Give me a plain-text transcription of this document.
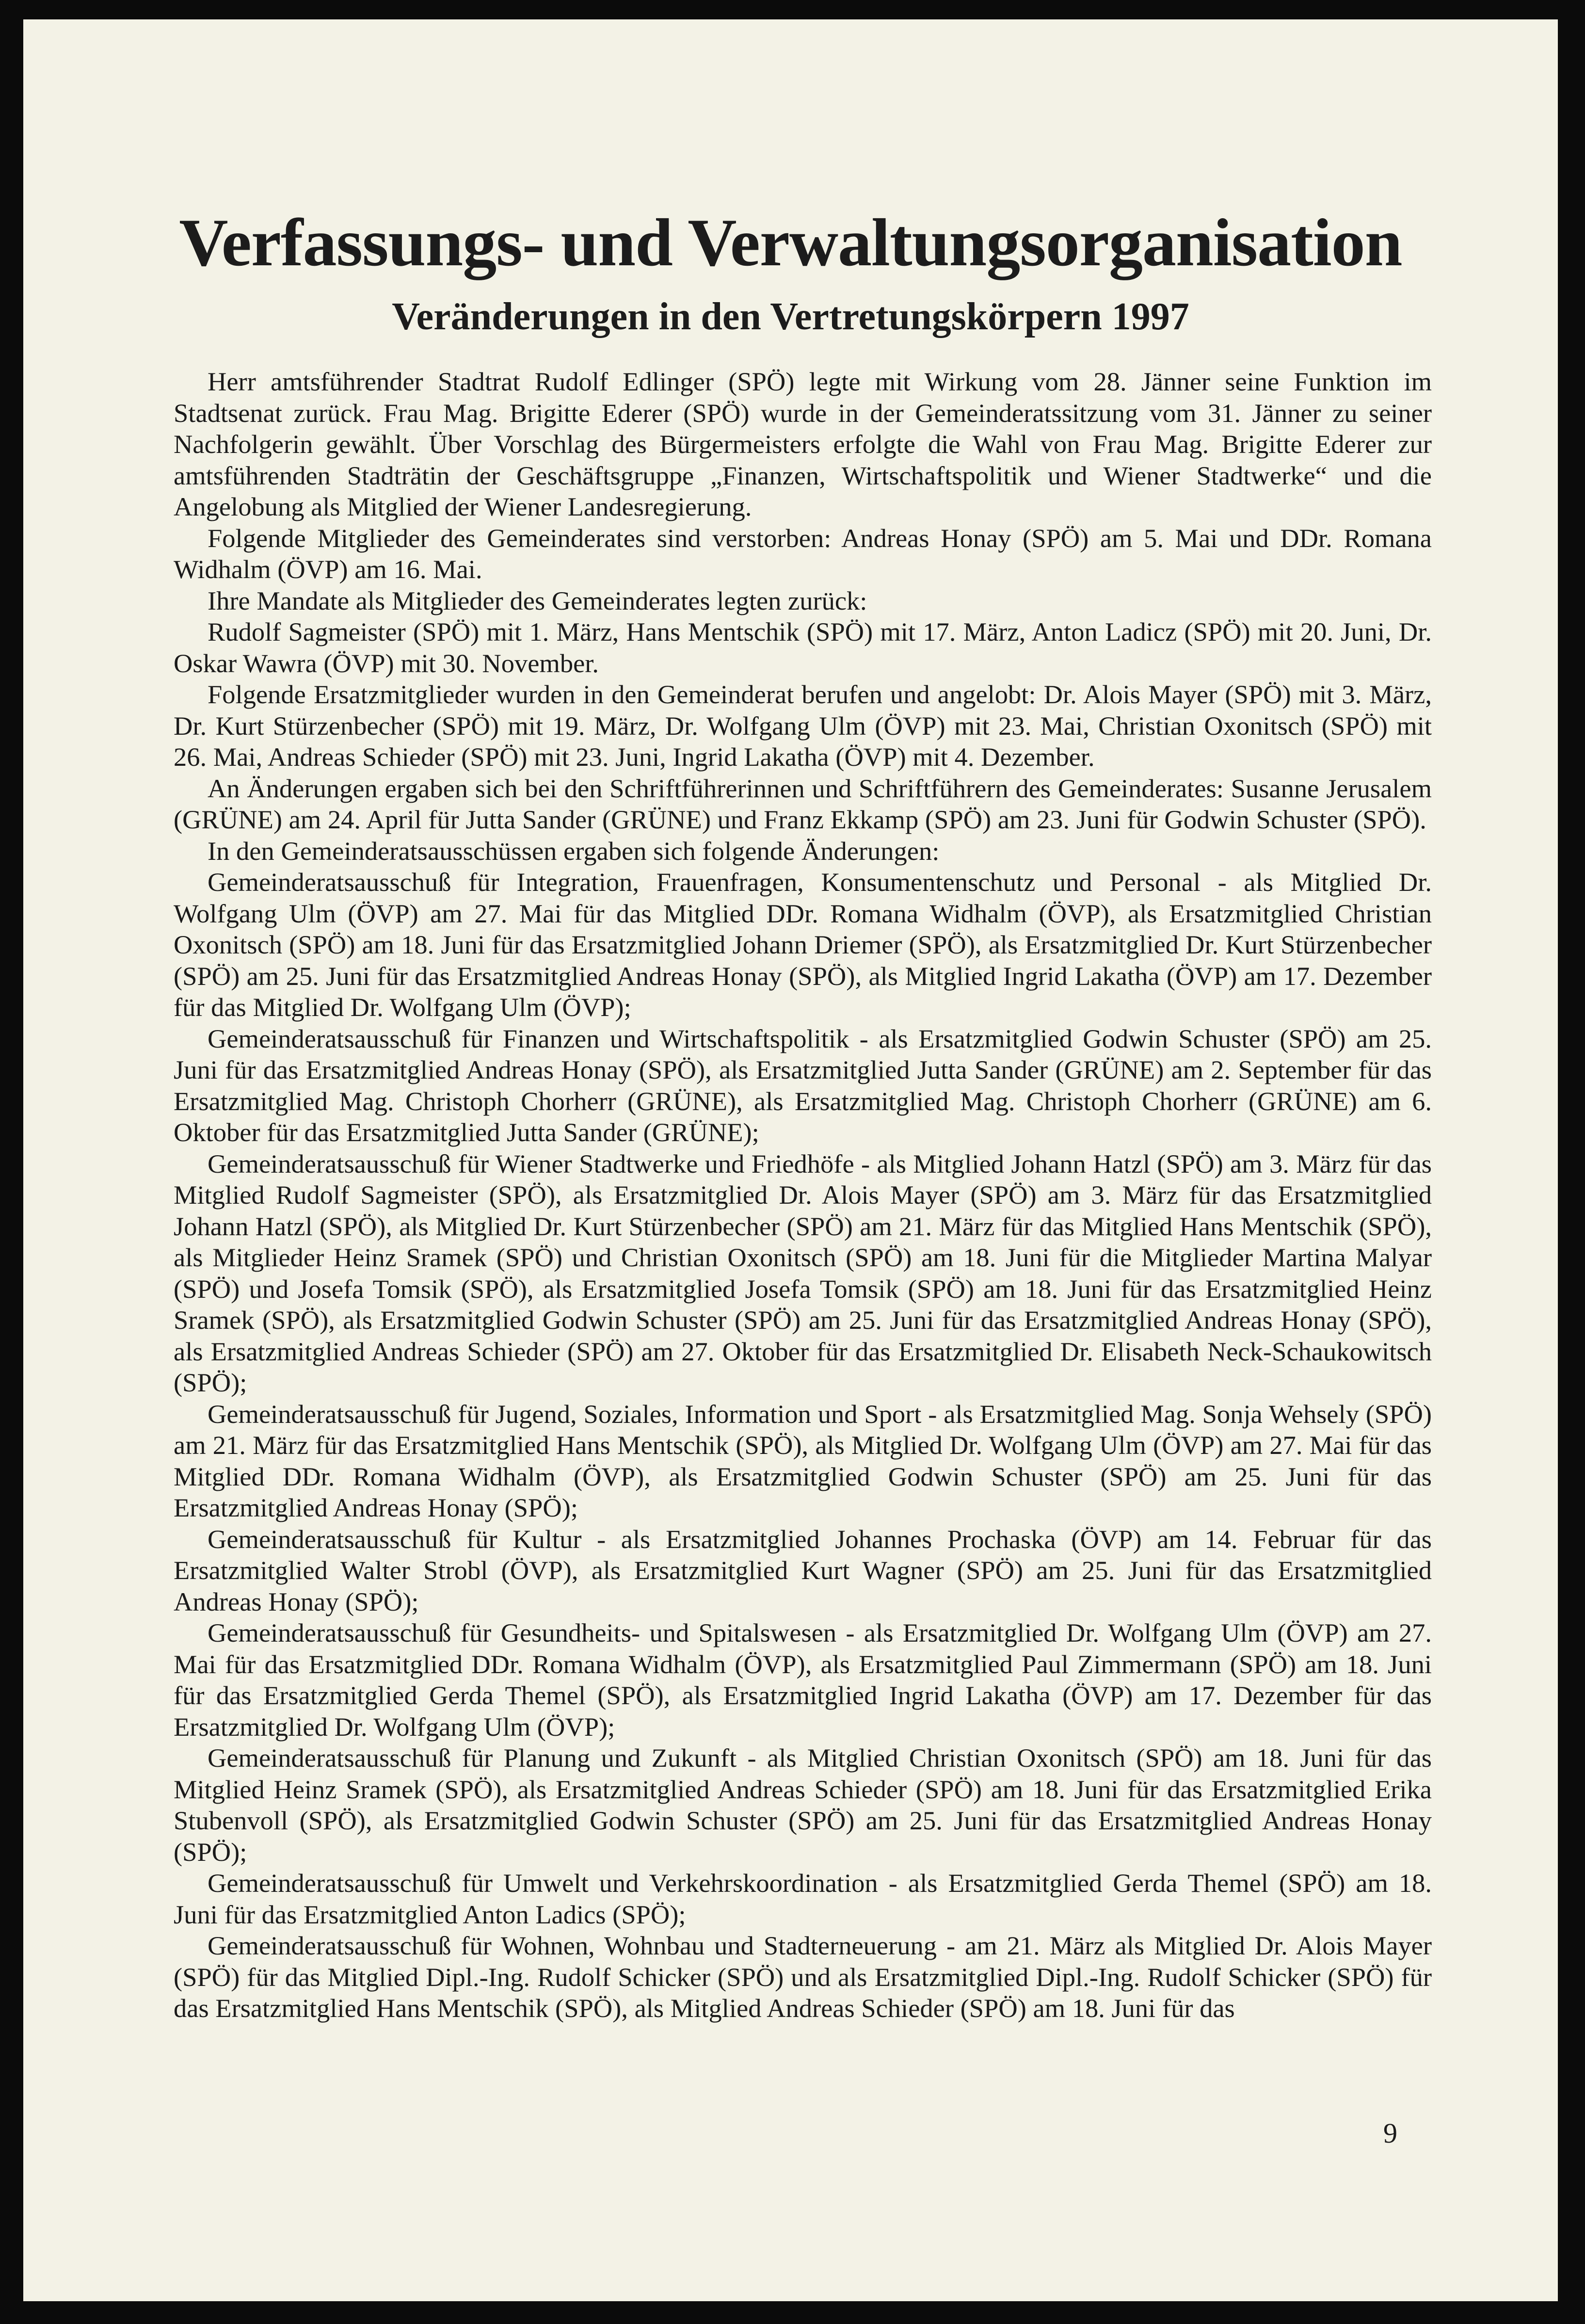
Verfassungs- und Verwaltungsorganisation
Veränderungen in den Vertretungskörpern 1997

Herr amtsführender Stadtrat Rudolf Edlinger (SPÖ) legte mit Wirkung vom 28. Jänner seine Funktion im Stadtsenat zurück. Frau Mag. Brigitte Ederer (SPÖ) wurde in der Gemeinderatssitzung vom 31. Jänner zu seiner Nachfolgerin gewählt. Über Vorschlag des Bürgermeisters erfolgte die Wahl von Frau Mag. Brigitte Ederer zur amtsführenden Stadträtin der Geschäftsgruppe „Finanzen, Wirtschaftspolitik und Wiener Stadtwerke“ und die Angelobung als Mitglied der Wiener Landesregierung.

Folgende Mitglieder des Gemeinderates sind verstorben: Andreas Honay (SPÖ) am 5. Mai und DDr. Romana Widhalm (ÖVP) am 16. Mai.

Ihre Mandate als Mitglieder des Gemeinderates legten zurück:

Rudolf Sagmeister (SPÖ) mit 1. März, Hans Mentschik (SPÖ) mit 17. März, Anton Ladicz (SPÖ) mit 20. Juni, Dr. Oskar Wawra (ÖVP) mit 30. November.

Folgende Ersatzmitglieder wurden in den Gemeinderat berufen und angelobt: Dr. Alois Mayer (SPÖ) mit 3. März, Dr. Kurt Stürzenbecher (SPÖ) mit 19. März, Dr. Wolfgang Ulm (ÖVP) mit 23. Mai, Christian Oxonitsch (SPÖ) mit 26. Mai, Andreas Schieder (SPÖ) mit 23. Juni, Ingrid Lakatha (ÖVP) mit 4. Dezember.

An Änderungen ergaben sich bei den Schriftführerinnen und Schriftführern des Gemeinderates: Susanne Jerusalem (GRÜNE) am 24. April für Jutta Sander (GRÜNE) und Franz Ekkamp (SPÖ) am 23. Juni für Godwin Schuster (SPÖ).

In den Gemeinderatsausschüssen ergaben sich folgende Änderungen:

Gemeinderatsausschuß für Integration, Frauenfragen, Konsumentenschutz und Personal - als Mitglied Dr. Wolfgang Ulm (ÖVP) am 27. Mai für das Mitglied DDr. Romana Widhalm (ÖVP), als Ersatzmitglied Christian Oxonitsch (SPÖ) am 18. Juni für das Ersatzmitglied Johann Driemer (SPÖ), als Ersatzmitglied Dr. Kurt Stürzenbecher (SPÖ) am 25. Juni für das Ersatzmitglied Andreas Honay (SPÖ), als Mitglied Ingrid Lakatha (ÖVP) am 17. Dezember für das Mitglied Dr. Wolfgang Ulm (ÖVP);

Gemeinderatsausschuß für Finanzen und Wirtschaftspolitik - als Ersatzmitglied Godwin Schuster (SPÖ) am 25. Juni für das Ersatzmitglied Andreas Honay (SPÖ), als Ersatzmitglied Jutta Sander (GRÜNE) am 2. September für das Ersatzmitglied Mag. Christoph Chorherr (GRÜNE), als Ersatzmitglied Mag. Christoph Chorherr (GRÜNE) am 6. Oktober für das Ersatzmitglied Jutta Sander (GRÜNE);

Gemeinderatsausschuß für Wiener Stadtwerke und Friedhöfe - als Mitglied Johann Hatzl (SPÖ) am 3. März für das Mitglied Rudolf Sagmeister (SPÖ), als Ersatzmitglied Dr. Alois Mayer (SPÖ) am 3. März für das Ersatzmitglied Johann Hatzl (SPÖ), als Mitglied Dr. Kurt Stürzenbecher (SPÖ) am 21. März für das Mitglied Hans Mentschik (SPÖ), als Mitglieder Heinz Sramek (SPÖ) und Christian Oxonitsch (SPÖ) am 18. Juni für die Mitglieder Martina Malyar (SPÖ) und Josefa Tomsik (SPÖ), als Ersatzmitglied Josefa Tomsik (SPÖ) am 18. Juni für das Ersatzmitglied Heinz Sramek (SPÖ), als Ersatzmitglied Godwin Schuster (SPÖ) am 25. Juni für das Ersatzmitglied Andreas Honay (SPÖ), als Ersatzmitglied Andreas Schieder (SPÖ) am 27. Oktober für das Ersatzmitglied Dr. Elisabeth Neck-Schaukowitsch (SPÖ);

Gemeinderatsausschuß für Jugend, Soziales, Information und Sport - als Ersatzmitglied Mag. Sonja Wehsely (SPÖ) am 21. März für das Ersatzmitglied Hans Mentschik (SPÖ), als Mitglied Dr. Wolfgang Ulm (ÖVP) am 27. Mai für das Mitglied DDr. Romana Widhalm (ÖVP), als Ersatzmitglied Godwin Schuster (SPÖ) am 25. Juni für das Ersatzmitglied Andreas Honay (SPÖ);

Gemeinderatsausschuß für Kultur - als Ersatzmitglied Johannes Prochaska (ÖVP) am 14. Februar für das Ersatzmitglied Walter Strobl (ÖVP), als Ersatzmitglied Kurt Wagner (SPÖ) am 25. Juni für das Ersatzmitglied Andreas Honay (SPÖ);

Gemeinderatsausschuß für Gesundheits- und Spitalswesen - als Ersatzmitglied Dr. Wolfgang Ulm (ÖVP) am 27. Mai für das Ersatzmitglied DDr. Romana Widhalm (ÖVP), als Ersatzmitglied Paul Zimmermann (SPÖ) am 18. Juni für das Ersatzmitglied Gerda Themel (SPÖ), als Ersatzmitglied Ingrid Lakatha (ÖVP) am 17. Dezember für das Ersatzmitglied Dr. Wolfgang Ulm (ÖVP);

Gemeinderatsausschuß für Planung und Zukunft - als Mitglied Christian Oxonitsch (SPÖ) am 18. Juni für das Mitglied Heinz Sramek (SPÖ), als Ersatzmitglied Andreas Schieder (SPÖ) am 18. Juni für das Ersatzmitglied Erika Stubenvoll (SPÖ), als Ersatzmitglied Godwin Schuster (SPÖ) am 25. Juni für das Ersatzmitglied Andreas Honay (SPÖ);

Gemeinderatsausschuß für Umwelt und Verkehrskoordination - als Ersatzmitglied Gerda Themel (SPÖ) am 18. Juni für das Ersatzmitglied Anton Ladics (SPÖ);

Gemeinderatsausschuß für Wohnen, Wohnbau und Stadterneuerung - am 21. März als Mitglied Dr. Alois Mayer (SPÖ) für das Mitglied Dipl.-Ing. Rudolf Schicker (SPÖ) und als Ersatzmitglied Dipl.-Ing. Rudolf Schicker (SPÖ) für das Ersatzmitglied Hans Mentschik (SPÖ), als Mitglied Andreas Schieder (SPÖ) am 18. Juni für das

9
